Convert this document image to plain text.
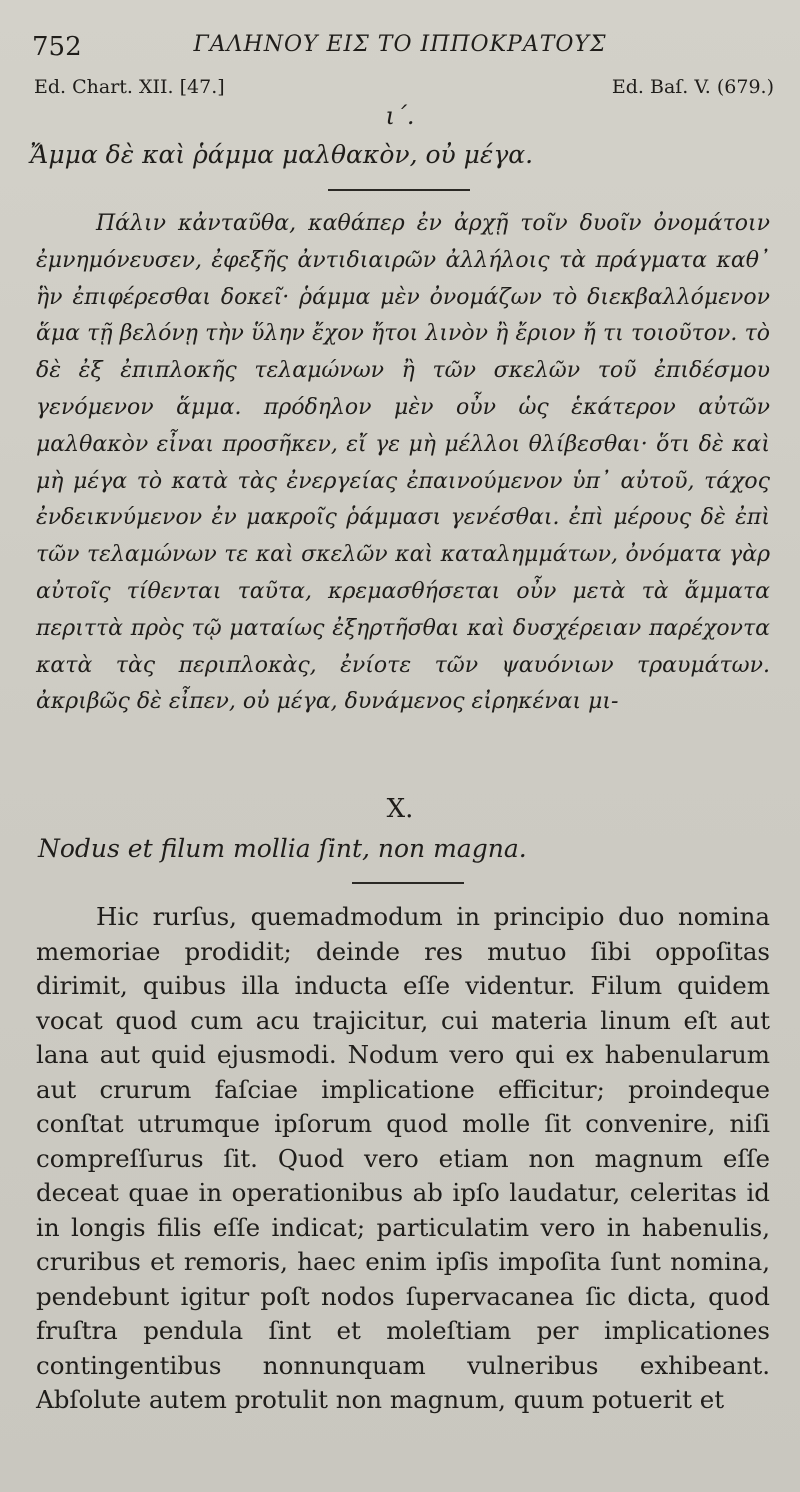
752	ΓΑΛΗΝΟΥ ΕΙΣ ΤΟ ΙΠΠΟΚΡΑΤΟΥΣ
Ed. Chart. XII. [47.]	Ed. Baſ. V. (679.)
ι΄.
Ἄμμα δὲ καὶ ῥάμμα μαλθακὸν, οὐ μέγα.

Πάλιν κἀνταῦθα, καθάπερ ἐν ἀρχῇ τοῖν δυοῖν ὀνομάτοιν ἐμνημόνευσεν, ἐφεξῆς ἀντιδιαιρῶν ἀλλήλοις τὰ πράγματα καθ᾽ ἣν ἐπιφέρεσθαι δοκεῖ· ῥάμμα μὲν ὀνομάζων τὸ διεκβαλλόμενον ἅμα τῇ βελόνῃ τὴν ὕλην ἔχον ἤτοι λινὸν ἢ ἔριον ἤ τι τοιοῦτον. τὸ δὲ ἐξ ἐπιπλοκῆς τελαμώνων ἢ τῶν σκελῶν τοῦ ἐπιδέσμου γενόμενον ἅμμα. πρόδηλον μὲν οὖν ὡς ἑκάτερον αὐτῶν μαλθακὸν εἶναι προσῆκεν, εἴ γε μὴ μέλλοι θλίβεσθαι· ὅτι δὲ καὶ μὴ μέγα τὸ κατὰ τὰς ἐνεργείας ἐπαινούμενον ὑπ᾽ αὐτοῦ, τάχος ἐνδεικνύμενον ἐν μακροῖς ῥάμμασι γενέσθαι. ἐπὶ μέρους δὲ ἐπὶ τῶν τελαμώνων τε καὶ σκελῶν καὶ καταλημμάτων, ὀνόματα γὰρ αὐτοῖς τίθενται ταῦτα, κρεμασθήσεται οὖν μετὰ τὰ ἅμματα περιττὰ πρὸς τῷ ματαίως ἐξηρτῆσθαι καὶ δυσχέρειαν παρέχοντα κατὰ τὰς περιπλοκὰς, ἐνίοτε τῶν ψαυόνιων τραυμάτων. ἀκριβῶς δὲ εἶπεν, οὐ μέγα, δυνάμενος εἰρηκέναι μι-

X.
Nodus et filum mollia ſint, non magna.

Hic rurſus, quemadmodum in principio duo nomina memoriae prodidit; deinde res mutuo ſibi oppoſitas dirimit, quibus illa inducta eſſe videntur. Filum quidem vocat quod cum acu trajicitur, cui materia linum eſt aut lana aut quid ejusmodi. Nodum vero qui ex habenularum aut crurum faſciae implicatione efficitur; proindeque conſtat utrumque ipſorum quod molle ſit convenire, niſi compreſſurus ſit. Quod vero etiam non magnum eſſe deceat quae in operationibus ab ipſo laudatur, celeritas id in longis filis eſſe indicat; particulatim vero in habenulis, cruribus et remoris, haec enim ipſis impoſita ſunt nomina, pendebunt igitur poſt nodos ſupervacanea ſic dicta, quod fruſtra pendula ſint et moleſtiam per implicationes contingentibus nonnunquam vulneribus exhibeant. Abſolute autem protulit non magnum, quum potuerit et
